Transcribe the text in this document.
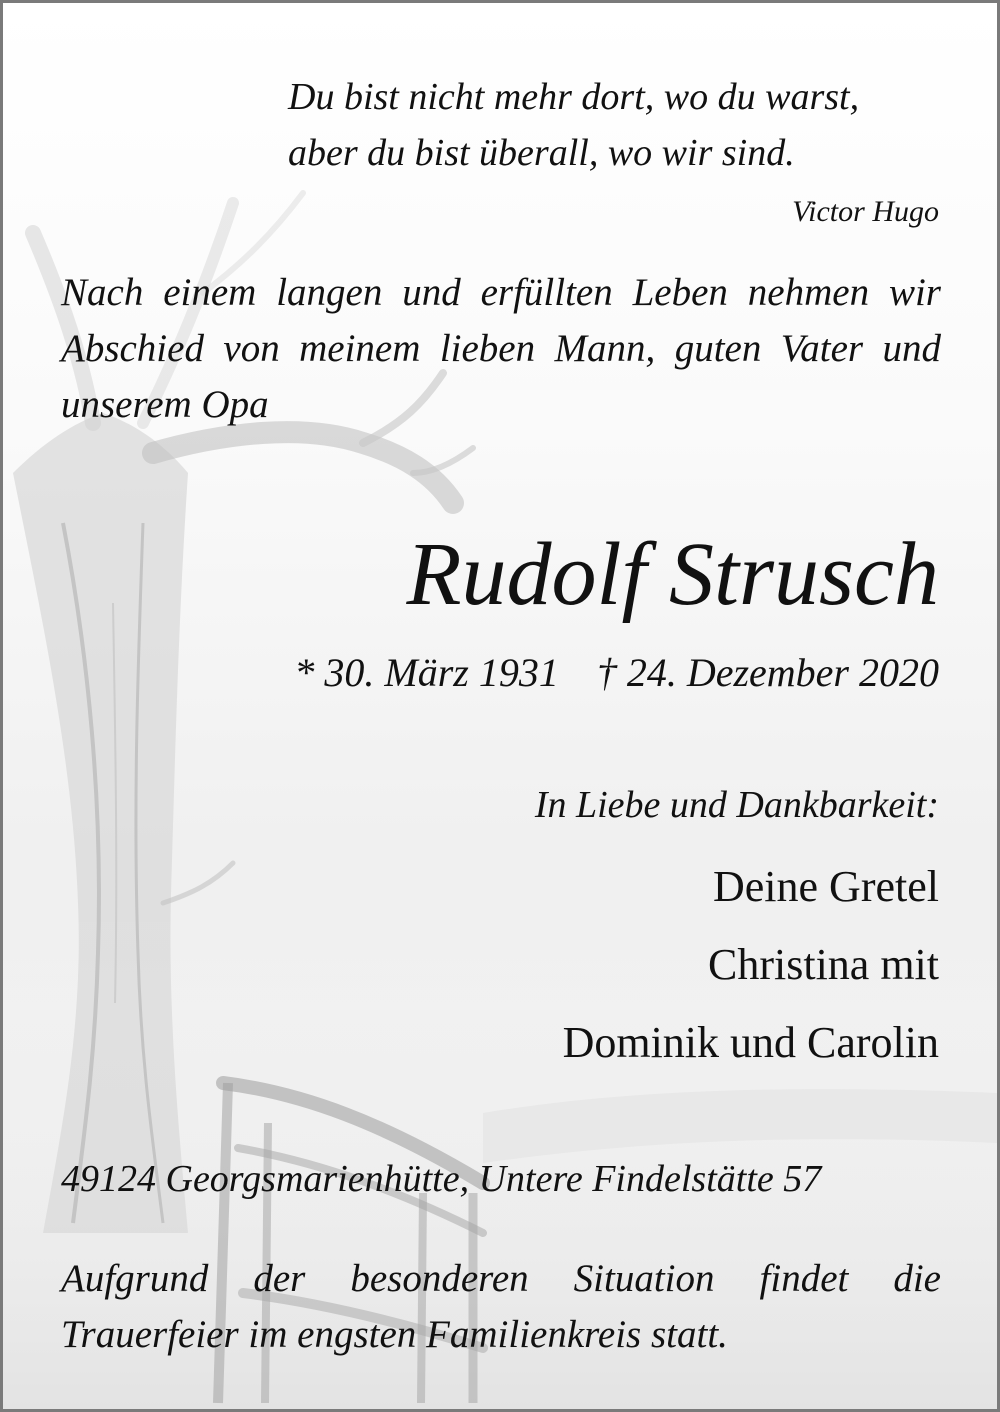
Du bist nicht mehr dort, wo du warst,
aber du bist überall, wo wir sind.
Victor Hugo
Nach einem langen und erfüllten Leben nehmen wir Abschied von meinem lieben Mann, guten Vater und unserem Opa
Rudolf Strusch
* 30. März 1931 † 24. Dezember 2020
In Liebe und Dankbarkeit:
Deine Gretel
Christina mit
Dominik und Carolin
49124 Georgsmarienhütte, Untere Findelstätte 57
Aufgrund der besonderen Situation findet die Trauerfeier im engsten Familienkreis statt.
